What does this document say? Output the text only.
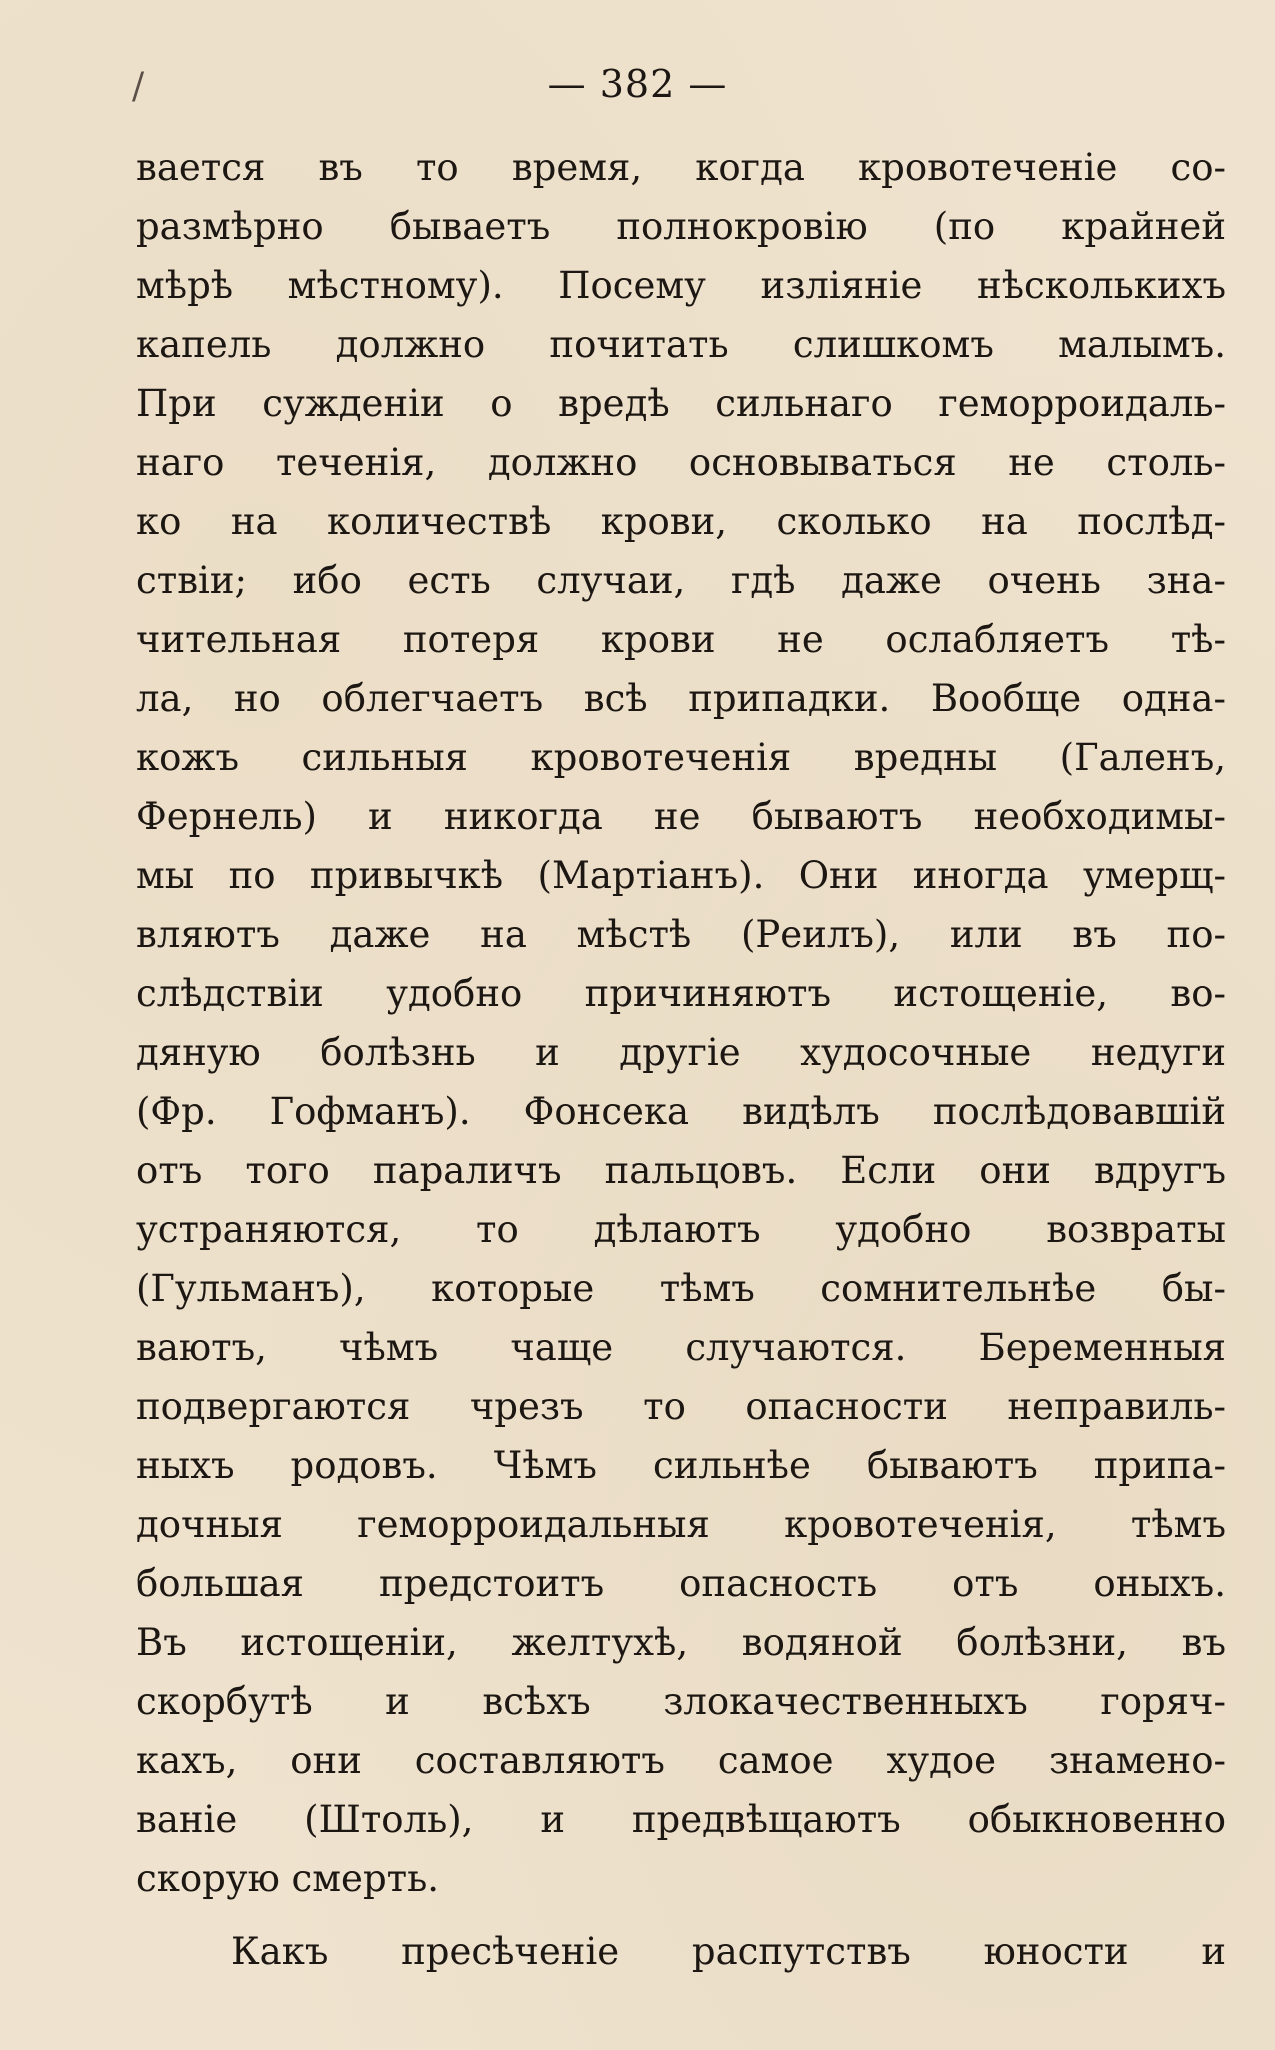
/	— 382 —
вается въ то время, когда кровотеченіе со-
размѣрно бываетъ полнокровію (по крайней
мѣрѣ мѣстному). Посему изліяніе нѣсколькихъ
капель должно почитать слишкомъ малымъ.
При сужденіи о вредѣ сильнаго геморроидаль-
наго теченія, должно основываться не столь-
ко на количествѣ крови, сколько на послѣд-
ствіи; ибо есть случаи, гдѣ даже очень зна-
чительная потеря крови не ослабляетъ тѣ-
ла, но облегчаетъ всѣ припадки. Вообще одна-
кожъ сильныя кровотеченія вредны (Галенъ,
Фернель) и никогда не бываютъ необходимы-
мы по привычкѣ (Мартіанъ). Они иногда умерщ-
вляютъ даже на мѣстѣ (Реилъ), или въ по-
слѣдствіи удобно причиняютъ истощеніе, во-
дяную болѣзнь и другіе худосочные недуги
(Фр. Гофманъ). Фонсека видѣлъ послѣдовавшій
отъ того параличъ пальцовъ. Если они вдругъ
устраняются, то дѣлаютъ удобно возвраты
(Гульманъ), которые тѣмъ сомнительнѣе бы-
ваютъ, чѣмъ чаще случаются. Беременныя
подвергаются чрезъ то опасности неправиль-
ныхъ родовъ. Чѣмъ сильнѣе бываютъ припа-
дочныя геморроидальныя кровотеченія, тѣмъ
большая предстоитъ опасность отъ оныхъ.
Въ истощеніи, желтухѣ, водяной болѣзни, въ
скорбутѣ и всѣхъ злокачественныхъ горяч-
кахъ, они составляютъ самое худое знамено-
ваніе (Штоль), и предвѣщаютъ обыкновенно
скорую смерть.
Какъ пресѣченіе распутствъ юности и
